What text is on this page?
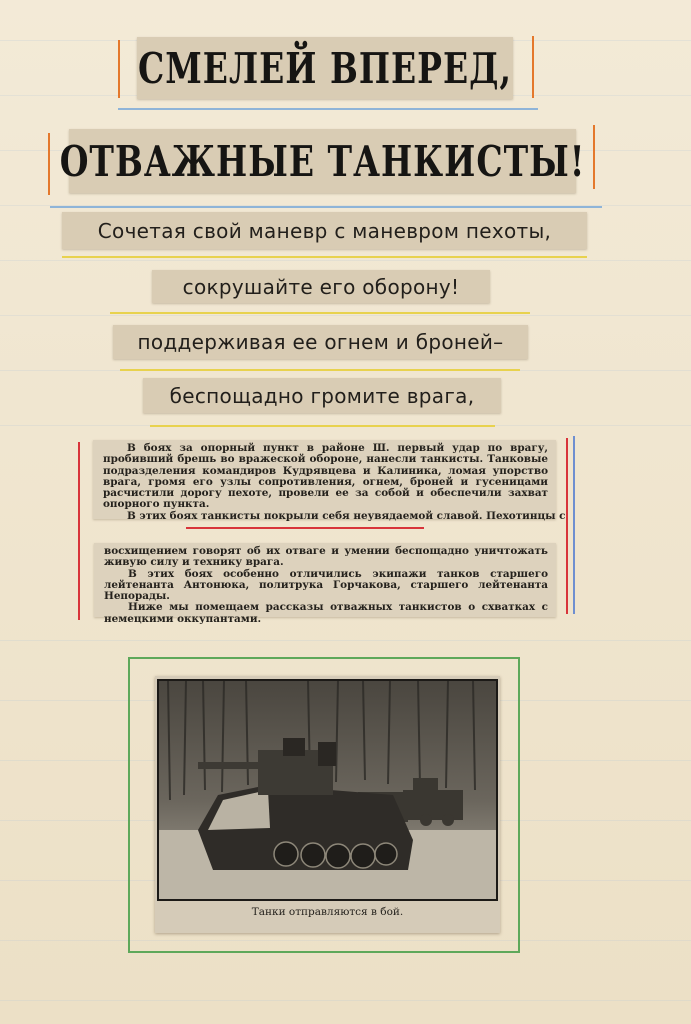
СМЕЛЕЙ ВПЕРЕД,
ОТВАЖНЫЕ ТАНКИСТЫ!
Сочетая свой маневр с маневром пехоты,
сокрушайте его оборону!
поддерживая ее огнем и броней–
беспощадно громите врага,

В боях за опорный пункт в районе Ш. первый удар по врагу, пробивший брешь во вражеской обороне, нанесли танкисты. Танковые подразделения командиров Кудрявцева и Калиника, ломая упорство врага, громя его узлы сопротивления, огнем, броней и гусеницами расчистили дорогу пехоте, провели ее за собой и обеспечили захват опорного пункта.

В этих боях танкисты покрыли себя неувядаемой славой. Пехотинцы с

восхищением говорят об их отваге и умении беспощадно уничтожать живую силу и технику врага.

В этих боях особенно отличились экипажи танков старшего лейтенанта Антонюка, политрука Горчакова, старшего лейтенанта Непорады.

Ниже мы помещаем рассказы отважных танкистов о схватках с немецкими оккупантами.

Танки отправляются в бой.
